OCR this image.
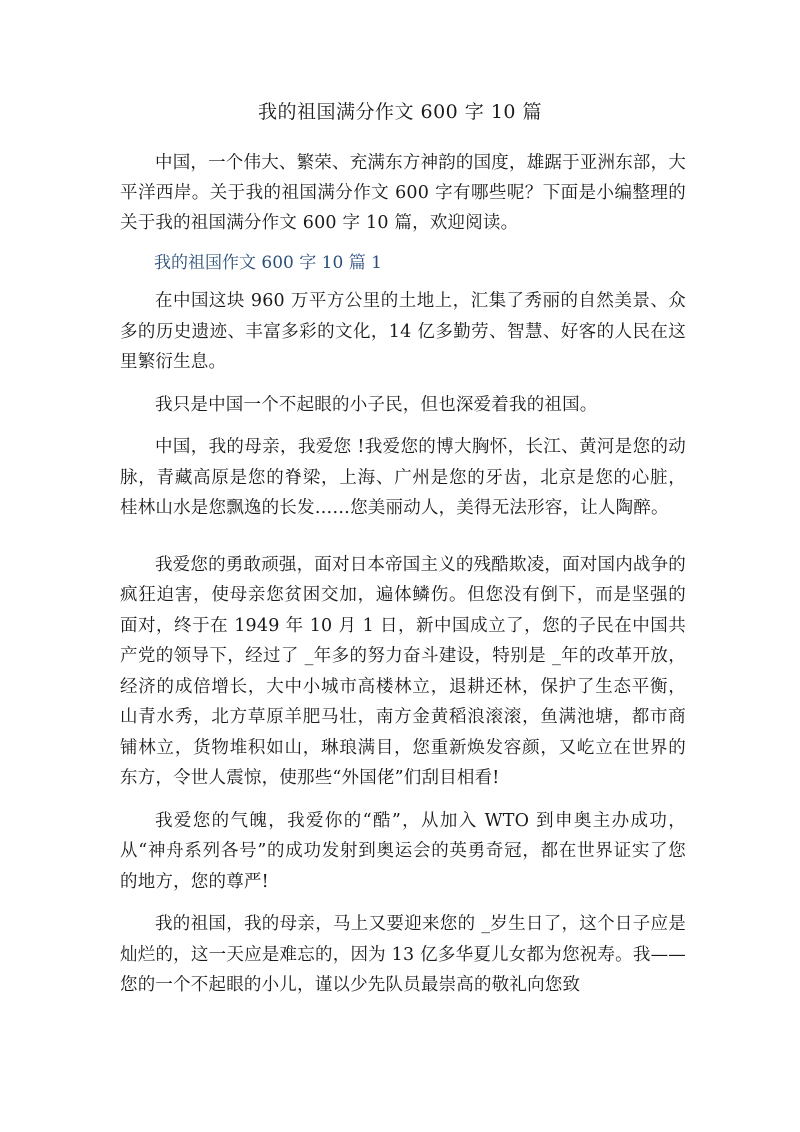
我的祖国满分作文 600 字 10 篇

中国，一个伟大、繁荣、充满东方神韵的国度，雄踞于亚洲东部，大平洋西岸。关于我的祖国满分作文 600 字有哪些呢？下面是小编整理的关于我的祖国满分作文 600 字 10 篇，欢迎阅读。

我的祖国作文 600 字 10 篇 1

在中国这块 960 万平方公里的土地上，汇集了秀丽的自然美景、众多的历史遗迹、丰富多彩的文化，14 亿多勤劳、智慧、好客的人民在这里繁衍生息。

我只是中国一个不起眼的小子民，但也深爱着我的祖国。

中国，我的母亲，我爱您 !我爱您的博大胸怀，长江、黄河是您的动脉，青藏高原是您的脊梁，上海、广州是您的牙齿，北京是您的心脏，桂林山水是您飘逸的长发……您美丽动人，美得无法形容，让人陶醉。

我爱您的勇敢顽强，面对日本帝国主义的残酷欺凌，面对国内战争的疯狂迫害，使母亲您贫困交加，遍体鳞伤。但您没有倒下，而是坚强的面对，终于在 1949 年 10 月 1 日，新中国成立了，您的子民在中国共产党的领导下，经过了 _年多的努力奋斗建设，特别是 _年的改革开放，经济的成倍增长，大中小城市高楼林立，退耕还林，保护了生态平衡，山青水秀，北方草原羊肥马壮，南方金黄稻浪滚滚，鱼满池塘，都市商铺林立，货物堆积如山，琳琅满目，您重新焕发容颜，又屹立在世界的东方，令世人震惊，使那些“外国佬”们刮目相看!

我爱您的气魄，我爱你的“酷”，从加入 WTO 到申奥主办成功，从“神舟系列各号”的成功发射到奥运会的英勇奇冠，都在世界证实了您的地方，您的尊严!

我的祖国，我的母亲，马上又要迎来您的 _岁生日了，这个日子应是灿烂的，这一天应是难忘的，因为 13 亿多华夏儿女都为您祝寿。我——您的一个不起眼的小儿，谨以少先队员最崇高的敬礼向您致
